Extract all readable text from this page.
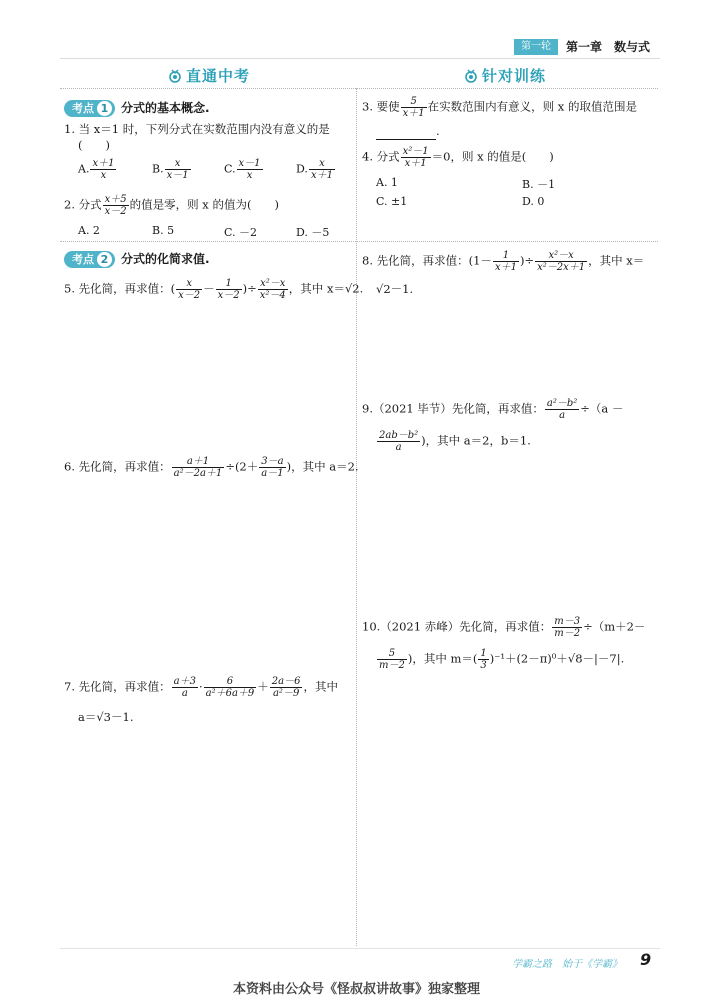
第一轮	第一章　数与式
直通中考	针对训练
考点 1	分式的基本概念.
1. 当 x＝1 时，下列分式在实数范围内没有意义的是
(　　)
A. $\frac{x+1}{x}$	B. $\frac{x}{x-1}$	C. $\frac{x-1}{x}$	D. $\frac{x}{x+1}$
2. 分式 $\frac{x+5}{x-2}$ 的值是零，则 x 的值为(　　)
A. 2	B. 5	C. －2	D. －5
3. 要使 $\frac{5}{x+1}$ 在实数范围内有意义，则 x 的取值范围是
.
4. 分式 $\frac{\text{x²－1}}{x+1} =0$，则 x 的值是(　　)
A. 1	B. －1
C. ±1	D. 0
考点 2	分式的化简求值.
5. 先化简，再求值：( $\frac{x}{x-2} - \frac{1}{x-2}$ )÷ $\frac{\text{x²－x}}{\text{x²－4}}$ ，其中 x＝√2.
6. 先化简，再求值： $\frac{a+1}{\text{a²－2a＋1}} \div(2+ \frac{3-a}{a-1}$ )，其中 a＝2.
7. 先化简，再求值： $\frac{a+3}{a} \cdot \frac{6}{\text{a²＋6a＋9}} + \frac{2a-6}{\text{a²－9}}$ ，其中
a＝√3－1.
8. 先化简，再求值：($1- \frac{1}{x+1}$ )÷ $\frac{\text{x²－x}}{\text{x²－2x＋1}}$ ，其中 x＝
√2－1.
9.（2021 毕节）先化简，再求值： $\frac{\text{a²－b²}}{a} \div(a$ －
$\frac{\text{2ab－b²}}{a}$ )，其中 a＝2，b＝1.
10.（2021 赤峰）先化简，再求值： $\frac{m-3}{m-2} \div(m+2-$
$\frac{5}{m-2}$ )，其中 $m=( \frac{1}{3} )^{-1}+(2-\pi)^0+√8-|-7|$.
学霸之路　始于《学霸》 9
本资料由公众号《怪叔叔讲故事》独家整理
